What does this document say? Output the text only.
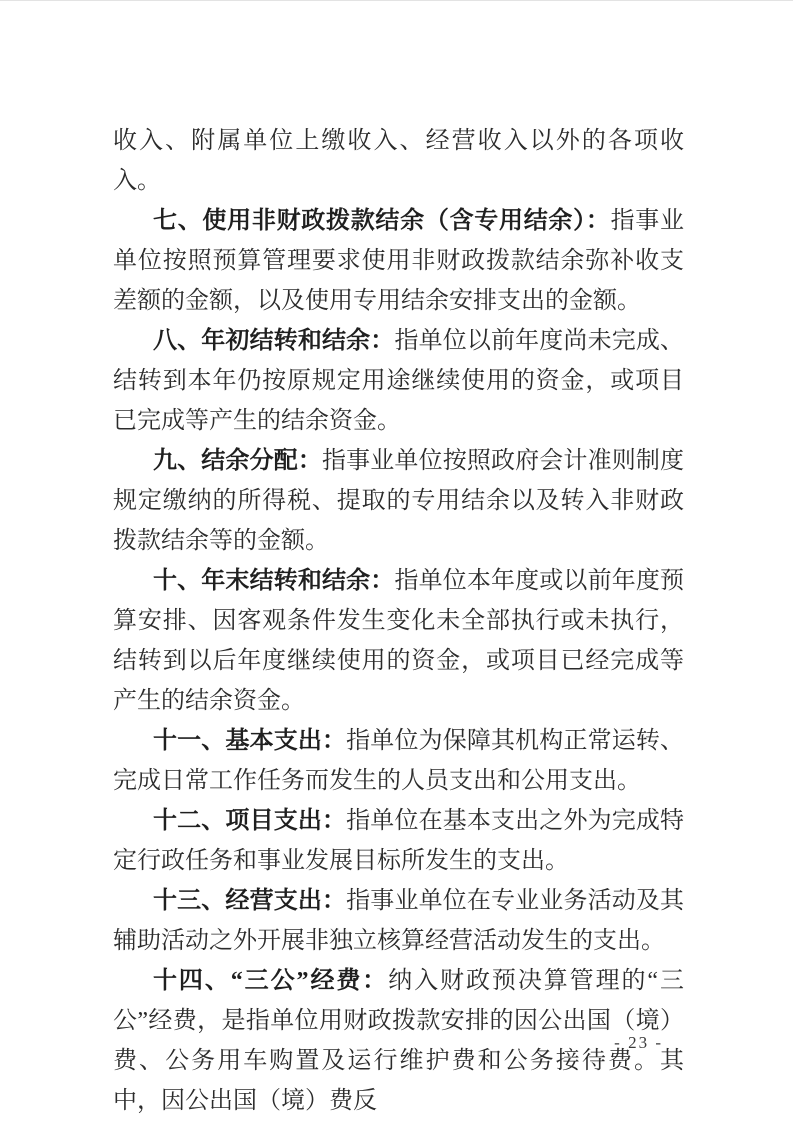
收入、附属单位上缴收入、经营收入以外的各项收入。

七、使用非财政拨款结余（含专用结余）：指事业单位按照预算管理要求使用非财政拨款结余弥补收支差额的金额，以及使用专用结余安排支出的金额。

八、年初结转和结余：指单位以前年度尚未完成、结转到本年仍按原规定用途继续使用的资金，或项目已完成等产生的结余资金。

九、结余分配：指事业单位按照政府会计准则制度规定缴纳的所得税、提取的专用结余以及转入非财政拨款结余等的金额。

十、年末结转和结余：指单位本年度或以前年度预算安排、因客观条件发生变化未全部执行或未执行，结转到以后年度继续使用的资金，或项目已经完成等产生的结余资金。

十一、基本支出：指单位为保障其机构正常运转、完成日常工作任务而发生的人员支出和公用支出。

十二、项目支出：指单位在基本支出之外为完成特定行政任务和事业发展目标所发生的支出。

十三、经营支出：指事业单位在专业业务活动及其辅助活动之外开展非独立核算经营活动发生的支出。

十四、“三公”经费：纳入财政预决算管理的“三公”经费，是指单位用财政拨款安排的因公出国（境）费、公务用车购置及运行维护费和公务接待费。其中，因公出国（境）费反

- 23 -
